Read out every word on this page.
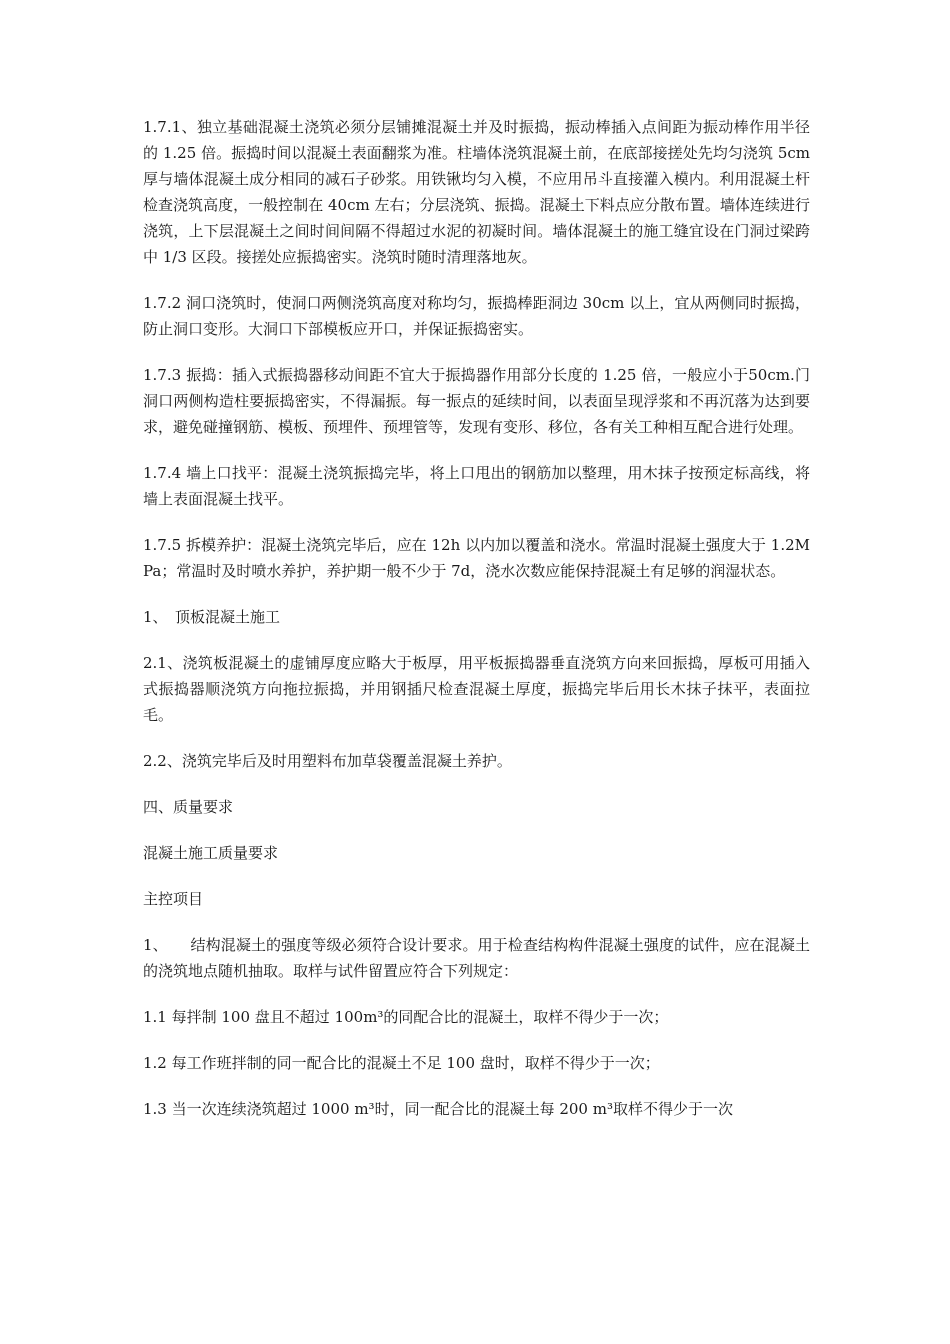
1.7.1、独立基础混凝土浇筑必须分层铺摊混凝土并及时振捣，振动棒插入点间距为振动棒作用半径的 1.25 倍。振捣时间以混凝土表面翻浆为准。柱墙体浇筑混凝土前，在底部接搓处先均匀浇筑 5cm 厚与墙体混凝土成分相同的减石子砂浆。用铁锹均匀入模，不应用吊斗直接灌入模内。利用混凝土杆检查浇筑高度，一般控制在 40cm 左右；分层浇筑、振捣。混凝土下料点应分散布置。墙体连续进行浇筑，上下层混凝土之间时间间隔不得超过水泥的初凝时间。墙体混凝土的施工缝宜设在门洞过梁跨中 1/3 区段。接搓处应振捣密实。浇筑时随时清理落地灰。

1.7.2 洞口浇筑时，使洞口两侧浇筑高度对称均匀，振捣棒距洞边 30cm 以上，宜从两侧同时振捣，防止洞口变形。大洞口下部模板应开口，并保证振捣密实。

1.7.3 振捣：插入式振捣器移动间距不宜大于振捣器作用部分长度的 1.25 倍，一般应小于50cm.门洞口两侧构造柱要振捣密实，不得漏振。每一振点的延续时间，以表面呈现浮浆和不再沉落为达到要求，避免碰撞钢筋、模板、预埋件、预埋管等，发现有变形、移位，各有关工种相互配合进行处理。

1.7.4 墙上口找平：混凝土浇筑振捣完毕，将上口甩出的钢筋加以整理，用木抹子按预定标高线，将墙上表面混凝土找平。

1.7.5 拆模养护：混凝土浇筑完毕后，应在 12h 以内加以覆盖和浇水。常温时混凝土强度大于 1.2MPa；常温时及时喷水养护，养护期一般不少于 7d，浇水次数应能保持混凝土有足够的润湿状态。

1、　顶板混凝土施工

2.1、浇筑板混凝土的虚铺厚度应略大于板厚，用平板振捣器垂直浇筑方向来回振捣，厚板可用插入式振捣器顺浇筑方向拖拉振捣，并用钢插尺检查混凝土厚度，振捣完毕后用长木抹子抹平，表面拉毛。

2.2、浇筑完毕后及时用塑料布加草袋覆盖混凝土养护。

四、质量要求

混凝土施工质量要求

主控项目

1、　　结构混凝土的强度等级必须符合设计要求。用于检查结构构件混凝土强度的试件，应在混凝土的浇筑地点随机抽取。取样与试件留置应符合下列规定：

1.1 每拌制 100 盘且不超过 100m³的同配合比的混凝土，取样不得少于一次；

1.2 每工作班拌制的同一配合比的混凝土不足 100 盘时，取样不得少于一次；

1.3 当一次连续浇筑超过 1000 m³时，同一配合比的混凝土每 200 m³取样不得少于一次
